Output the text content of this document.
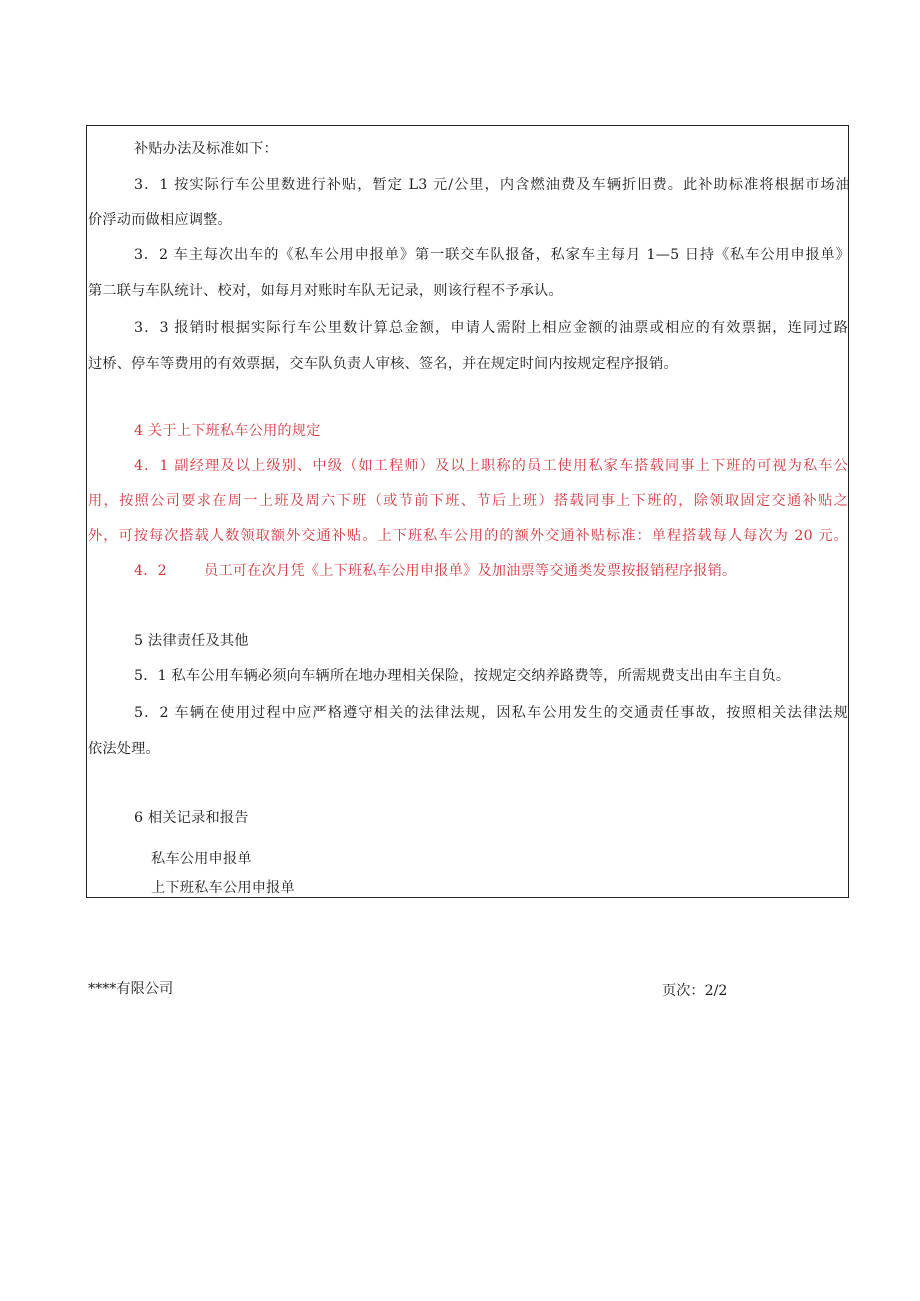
补贴办法及标准如下：
3．1 按实际行车公里数进行补贴，暂定 L3 元/公里，内含燃油费及车辆折旧费。此补助标准将根据市场油
价浮动而做相应调整。
3．2 车主每次出车的《私车公用申报单》第一联交车队报备，私家车主每月 1—5 日持《私车公用申报单》
第二联与车队统计、校对，如每月对账时车队无记录，则该行程不予承认。
3．3 报销时根据实际行车公里数计算总金额，申请人需附上相应金额的油票或相应的有效票据，连同过路
过桥、停车等费用的有效票据，交车队负责人审核、签名，并在规定时间内按规定程序报销。
4 关于上下班私车公用的规定
4．1 副经理及以上级别、中级（如工程师）及以上职称的员工使用私家车搭载同事上下班的可视为私车公
用，按照公司要求在周一上班及周六下班（或节前下班、节后上班）搭载同事上下班的，除领取固定交通补贴之
外，可按每次搭载人数领取额外交通补贴。上下班私车公用的的额外交通补贴标准：单程搭载每人每次为 20 元。
4．2	员工可在次月凭《上下班私车公用申报单》及加油票等交通类发票按报销程序报销。
5 法律责任及其他
5．1 私车公用车辆必须向车辆所在地办理相关保险，按规定交纳养路费等，所需规费支出由车主自负。
5．2 车辆在使用过程中应严格遵守相关的法律法规，因私车公用发生的交通责任事故，按照相关法律法规
依法处理。
6 相关记录和报告
私车公用申报单
上下班私车公用申报单
****有限公司	页次：2/2
